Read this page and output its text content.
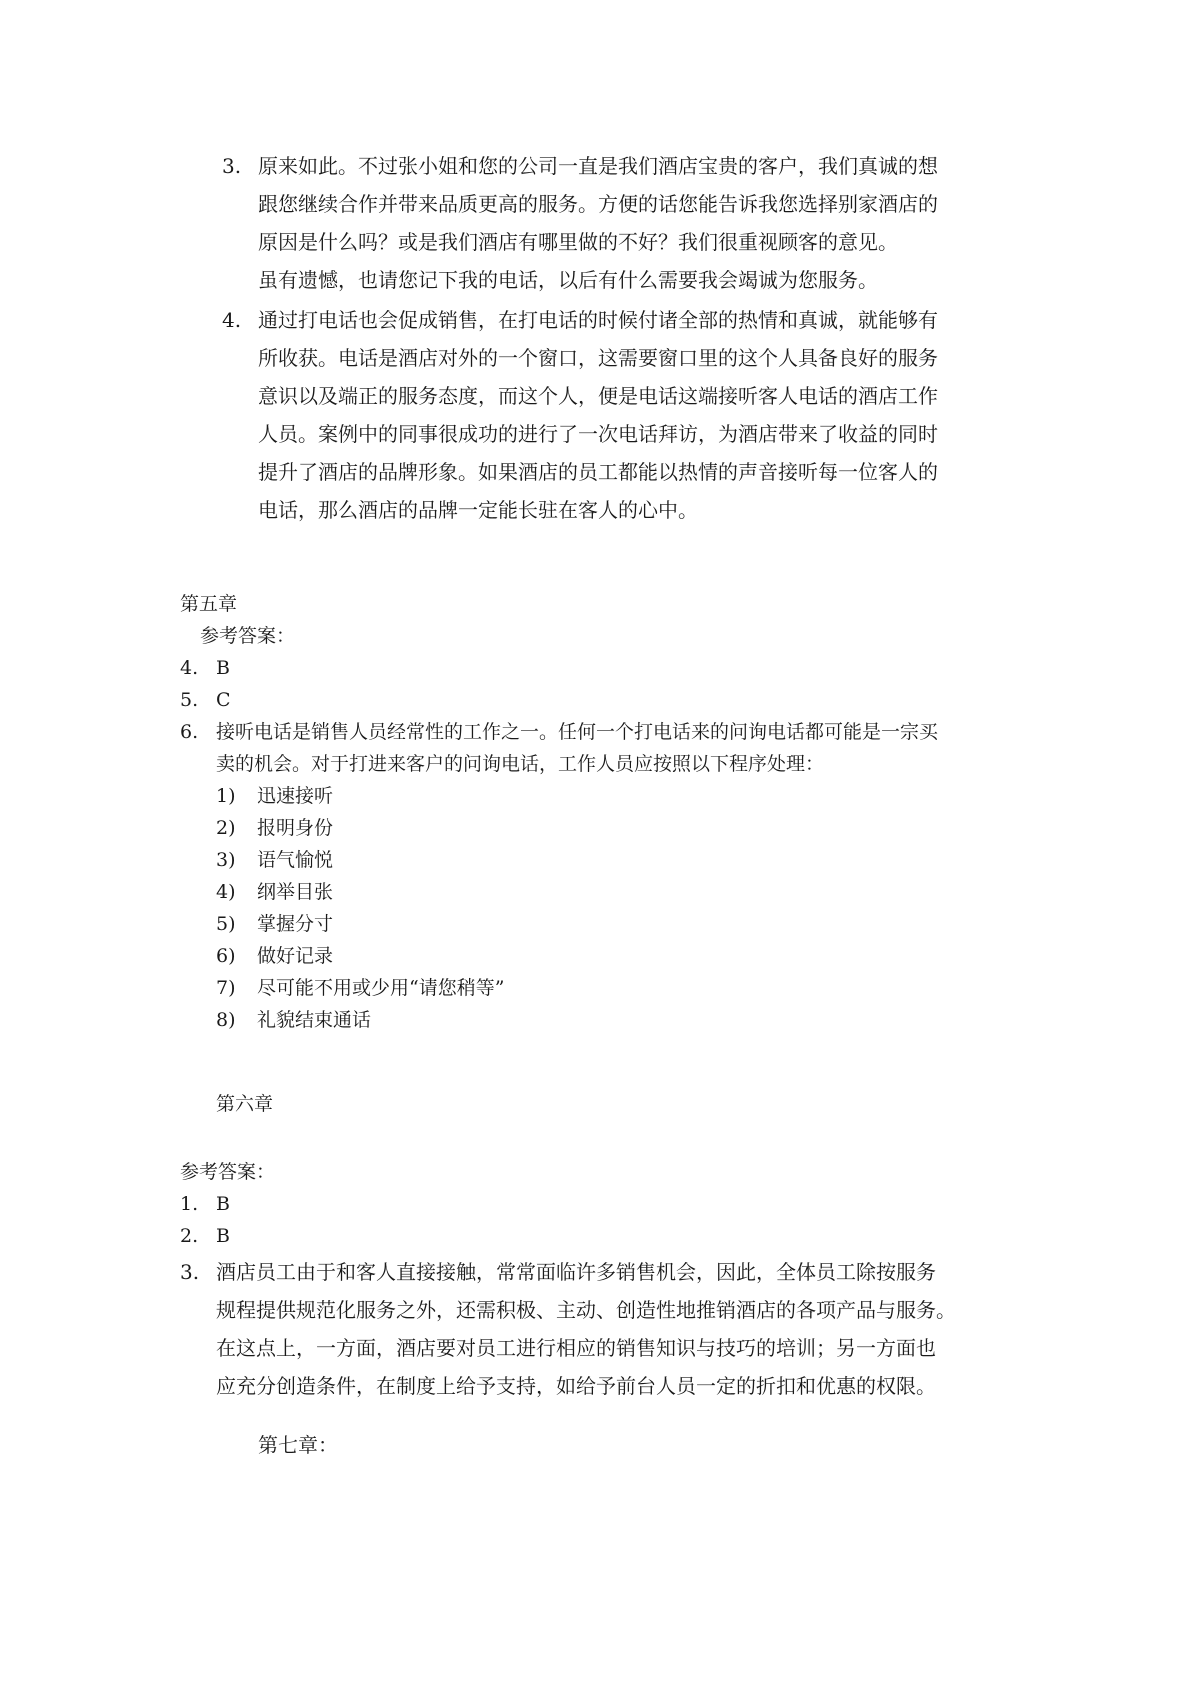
3. 原来如此。不过张小姐和您的公司一直是我们酒店宝贵的客户，我们真诚的想
跟您继续合作并带来品质更高的服务。方便的话您能告诉我您选择别家酒店的
原因是什么吗？或是我们酒店有哪里做的不好？我们很重视顾客的意见。
虽有遗憾，也请您记下我的电话，以后有什么需要我会竭诚为您服务。
4. 通过打电话也会促成销售，在打电话的时候付诸全部的热情和真诚，就能够有
所收获。电话是酒店对外的一个窗口，这需要窗口里的这个人具备良好的服务
意识以及端正的服务态度，而这个人，便是电话这端接听客人电话的酒店工作
人员。案例中的同事很成功的进行了一次电话拜访，为酒店带来了收益的同时
提升了酒店的品牌形象。如果酒店的员工都能以热情的声音接听每一位客人的
电话，那么酒店的品牌一定能长驻在客人的心中。
第五章
参考答案：
4. B
5. C
6. 接听电话是销售人员经常性的工作之一。任何一个打电话来的问询电话都可能是一宗买
卖的机会。对于打进来客户的问询电话，工作人员应按照以下程序处理：
1) 迅速接听
2) 报明身份
3) 语气愉悦
4) 纲举目张
5) 掌握分寸
6) 做好记录
7) 尽可能不用或少用“请您稍等”
8) 礼貌结束通话
第六章
参考答案：
1. B
2. B
3. 酒店员工由于和客人直接接触，常常面临许多销售机会，因此，全体员工除按服务
规程提供规范化服务之外，还需积极、主动、创造性地推销酒店的各项产品与服务。
在这点上，一方面，酒店要对员工进行相应的销售知识与技巧的培训；另一方面也
应充分创造条件，在制度上给予支持，如给予前台人员一定的折扣和优惠的权限。
第七章：
